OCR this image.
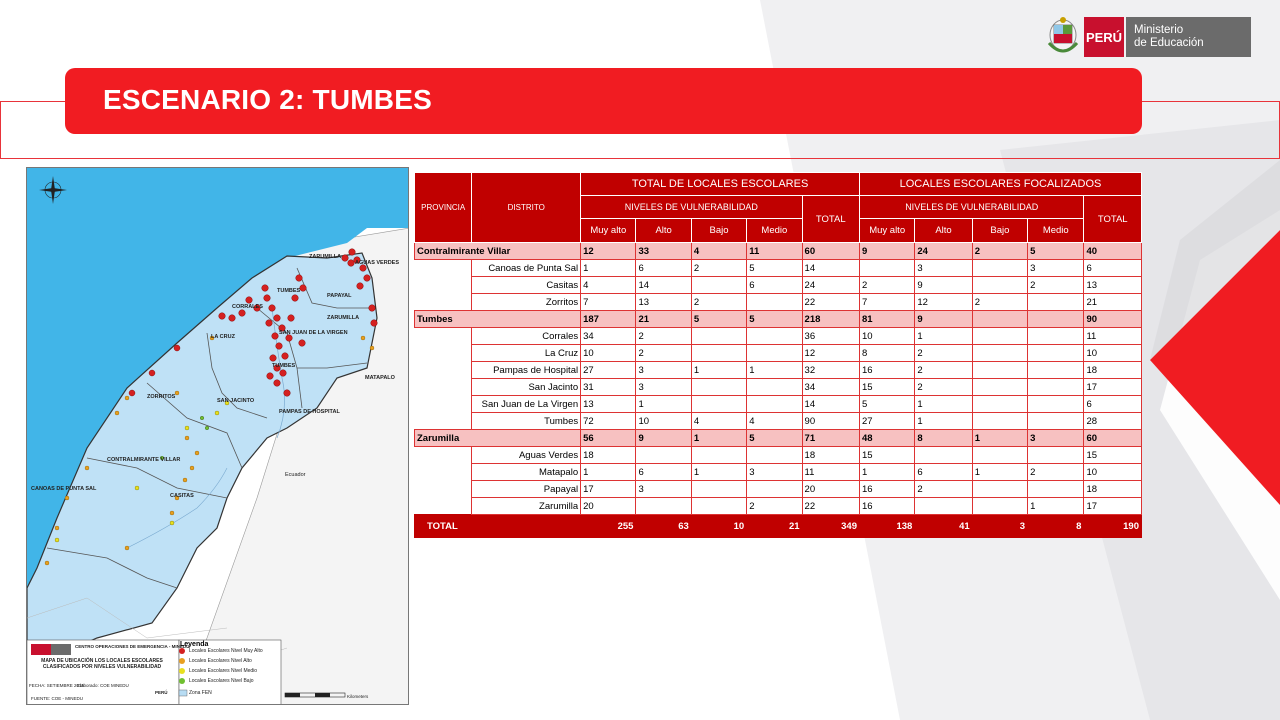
PERÚ Ministerio
de Educación
ESCENARIO 2: TUMBES
ZARUMILLA
AGUAS VERDES
PAPAYAL
ZARUMILLA
CORRALES
TUMBES
LA CRUZ
SAN JUAN DE LA VIRGEN
TUMBES
MATAPALO
ZORRITOS
SAN JACINTO
PAMPAS DE HOSPITAL
CONTRALMIRANTE VILLAR
CANOAS DE PUNTA SAL
CASITAS
Ecuador
Leyenda
Locales Escolares Nivel Muy Alto
Locales Escolares Nivel Alto
Locales Escolares Nivel Medio
Locales Escolares Nivel Bajo
Zona FEN
CENTRO OPERACIONES DE EMERGENCIA - MINEDU
MAPA DE UBICACIÓN LOS LOCALES ESCOLARES CLASIFICADOS POR NIVELES VULNERABILIDAD
FECHA: SETIEMBRE 2015
Elaborado: COE MINEDU
PERÚ
FUENTE: COE - MINEDU	Kilometers
PROVINCIA	DISTRITO	TOTAL DE LOCALES ESCOLARES					LOCALES ESCOLARES FOCALIZADOS				
		NIVELES DE VULNERABILIDAD				TOTAL	NIVELES DE VULNERABILIDAD				TOTAL
		Muy alto	Alto	Bajo	Medio		Muy alto	Alto	Bajo	Medio	
Contralmirante Villar		12	33	4	11	60	9	24	2	5	40
	Canoas de Punta Sal	1	6	2	5	14		3		3	6
	Casitas	4	14		6	24	2	9		2	13
	Zorritos	7	13	2		22	7	12	2		21
Tumbes		187	21	5	5	218	81	9			90
	Corrales	34	2			36	10	1			11
	La Cruz	10	2			12	8	2			10
	Pampas de Hospital	27	3	1	1	32	16	2			18
	San Jacinto	31	3			34	15	2			17
	San Juan de La Virgen	13	1			14	5	1			6
	Tumbes	72	10	4	4	90	27	1			28
Zarumilla		56	9	1	5	71	48	8	1	3	60
	Aguas Verdes	18				18	15				15
	Matapalo	1	6	1	3	11	1	6	1	2	10
	Papayal	17	3			20	16	2			18
	Zarumilla	20			2	22	16			1	17
TOTAL		255	63	10	21	349	138	41	3	8	190
